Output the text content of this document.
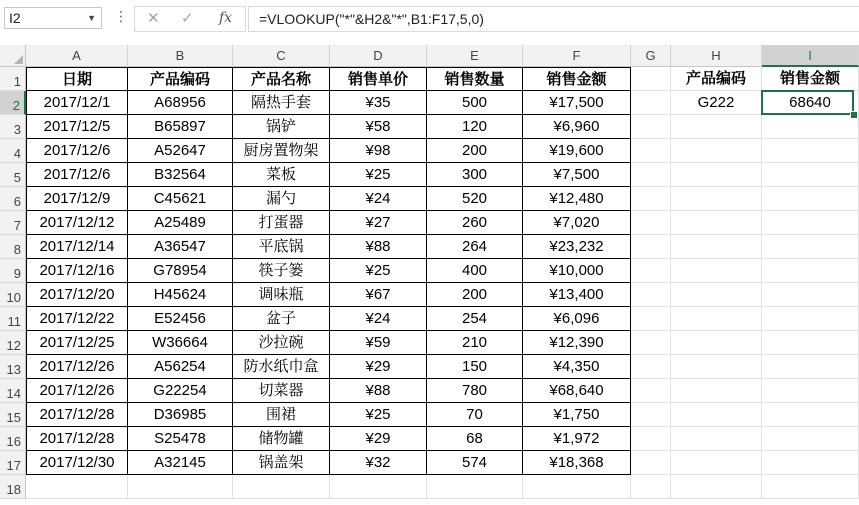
I2	▼ ⋮ ✕ ✓ fx	=VLOOKUP("*"&H2&"*",B1:F17,5,0)
A	B	C	D	E	F	G	H	I
1
2
3
4
5
6
7
8
9
10
11
12
13
14
15
16
17
18
日期	产品编码	产品名称	销售单价	销售数量	销售金额
2017/12/1	A68956	隔热手套	¥35	500	¥17,500
2017/12/5	B65897	锅铲	¥58	120	¥6,960
2017/12/6	A52647	厨房置物架	¥98	200	¥19,600
2017/12/6	B32564	菜板	¥25	300	¥7,500
2017/12/9	C45621	漏勺	¥24	520	¥12,480
2017/12/12	A25489	打蛋器	¥27	260	¥7,020
2017/12/14	A36547	平底锅	¥88	264	¥23,232
2017/12/16	G78954	筷子篓	¥25	400	¥10,000
2017/12/20	H45624	调味瓶	¥67	200	¥13,400
2017/12/22	E52456	盆子	¥24	254	¥6,096
2017/12/25	W36664	沙拉碗	¥59	210	¥12,390
2017/12/26	A56254	防水纸巾盒	¥29	150	¥4,350
2017/12/26	G22254	切菜器	¥88	780	¥68,640
2017/12/28	D36985	围裙	¥25	70	¥1,750
2017/12/28	S25478	储物罐	¥29	68	¥1,972
2017/12/30	A32145	锅盖架	¥32	574	¥18,368
产品编码	销售金额
G222	68640
